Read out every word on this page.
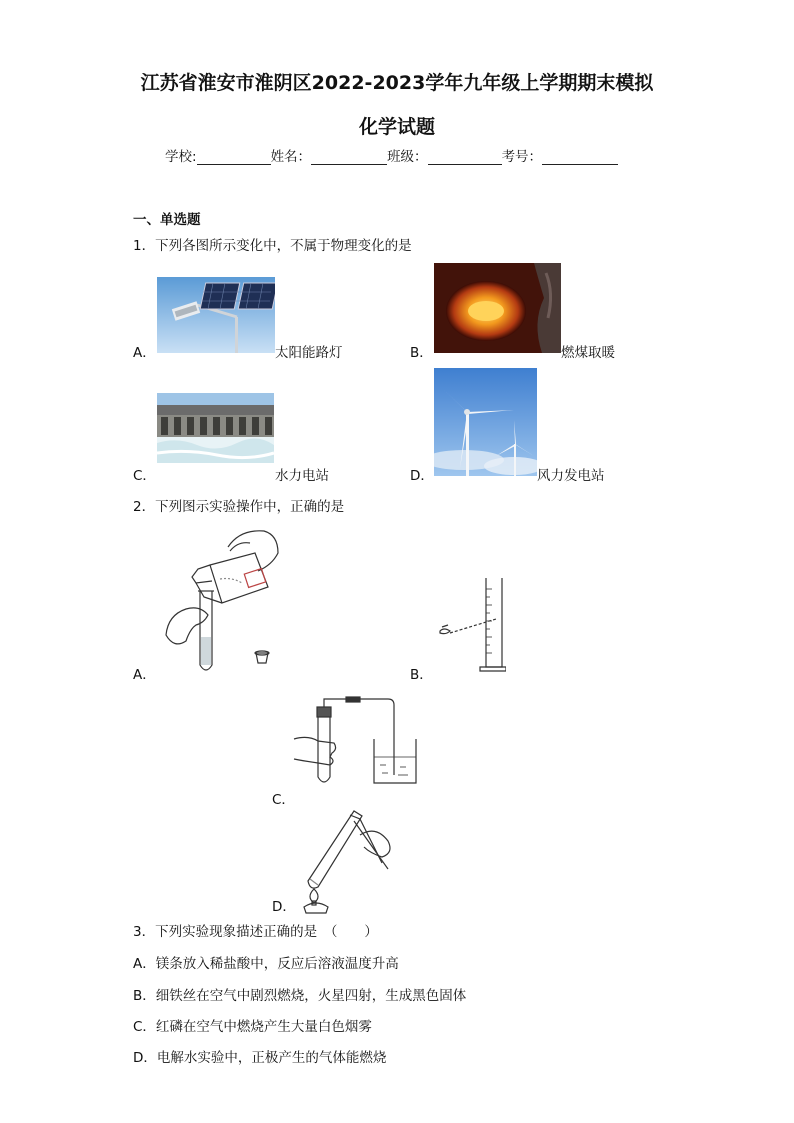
江苏省淮安市淮阴区2022-2023学年九年级上学期期末模拟
化学试题
学校:	姓名：	班级：	考号：
一、单选题
1．下列各图所示变化中，不属于物理变化的是
A．	太阳能路灯	B．	燃煤取暖
C．	水力电站	D．	风力发电站
2．下列图示实验操作中，正确的是
A．	B．
C．
D．
3．下列实验现象描述正确的是　（　　）
A．镁条放入稀盐酸中，反应后溶液温度升高
B．细铁丝在空气中剧烈燃烧，火星四射，生成黑色固体
C．红磷在空气中燃烧产生大量白色烟雾
D．电解水实验中，正极产生的气体能燃烧
